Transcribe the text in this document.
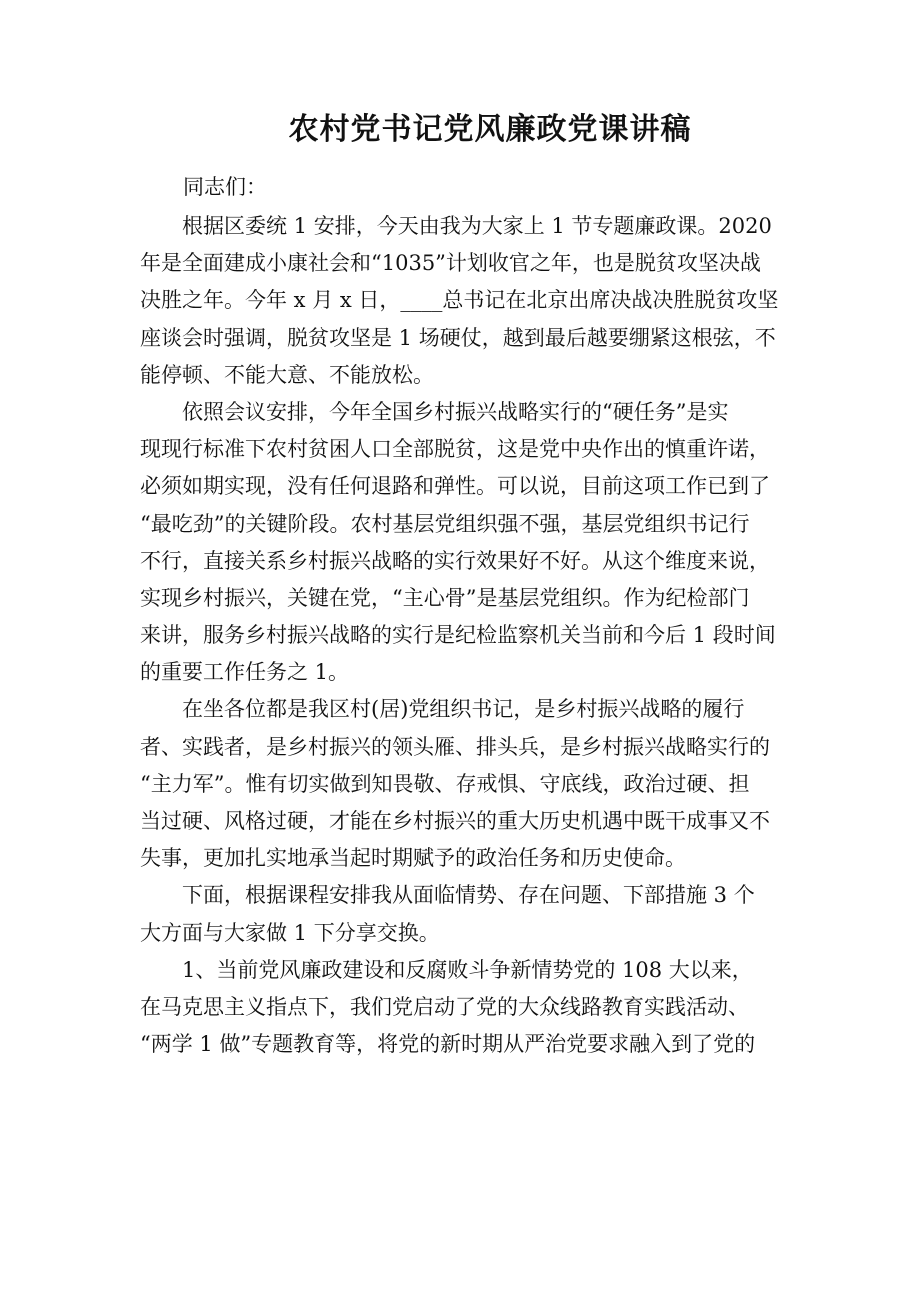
农村党书记党风廉政党课讲稿

同志们：

　　根据区委统 1 安排，今天由我为大家上 1 节专题廉政课。2020
年是全面建成小康社会和“1035”计划收官之年，也是脱贫攻坚决战
决胜之年。今年 x 月 x 日，____总书记在北京出席决战决胜脱贫攻坚
座谈会时强调，脱贫攻坚是 1 场硬仗，越到最后越要绷紧这根弦，不
能停顿、不能大意、不能放松。
　　依照会议安排，今年全国乡村振兴战略实行的“硬任务”是实
现现行标准下农村贫困人口全部脱贫，这是党中央作出的慎重许诺，
必须如期实现，没有任何退路和弹性。可以说，目前这项工作已到了
“最吃劲”的关键阶段。农村基层党组织强不强，基层党组织书记行
不行，直接关系乡村振兴战略的实行效果好不好。从这个维度来说，
实现乡村振兴，关键在党，“主心骨”是基层党组织。作为纪检部门
来讲，服务乡村振兴战略的实行是纪检监察机关当前和今后 1 段时间
的重要工作任务之 1。
　　在坐各位都是我区村(居)党组织书记，是乡村振兴战略的履行
者、实践者，是乡村振兴的领头雁、排头兵，是乡村振兴战略实行的
“主力军”。惟有切实做到知畏敬、存戒惧、守底线，政治过硬、担
当过硬、风格过硬，才能在乡村振兴的重大历史机遇中既干成事又不
失事，更加扎实地承当起时期赋予的政治任务和历史使命。
　　下面，根据课程安排我从面临情势、存在问题、下部措施 3 个
大方面与大家做 1 下分享交换。
　　1、当前党风廉政建设和反腐败斗争新情势党的 108 大以来，
在马克思主义指点下，我们党启动了党的大众线路教育实践活动、
“两学 1 做”专题教育等，将党的新时期从严治党要求融入到了党的
